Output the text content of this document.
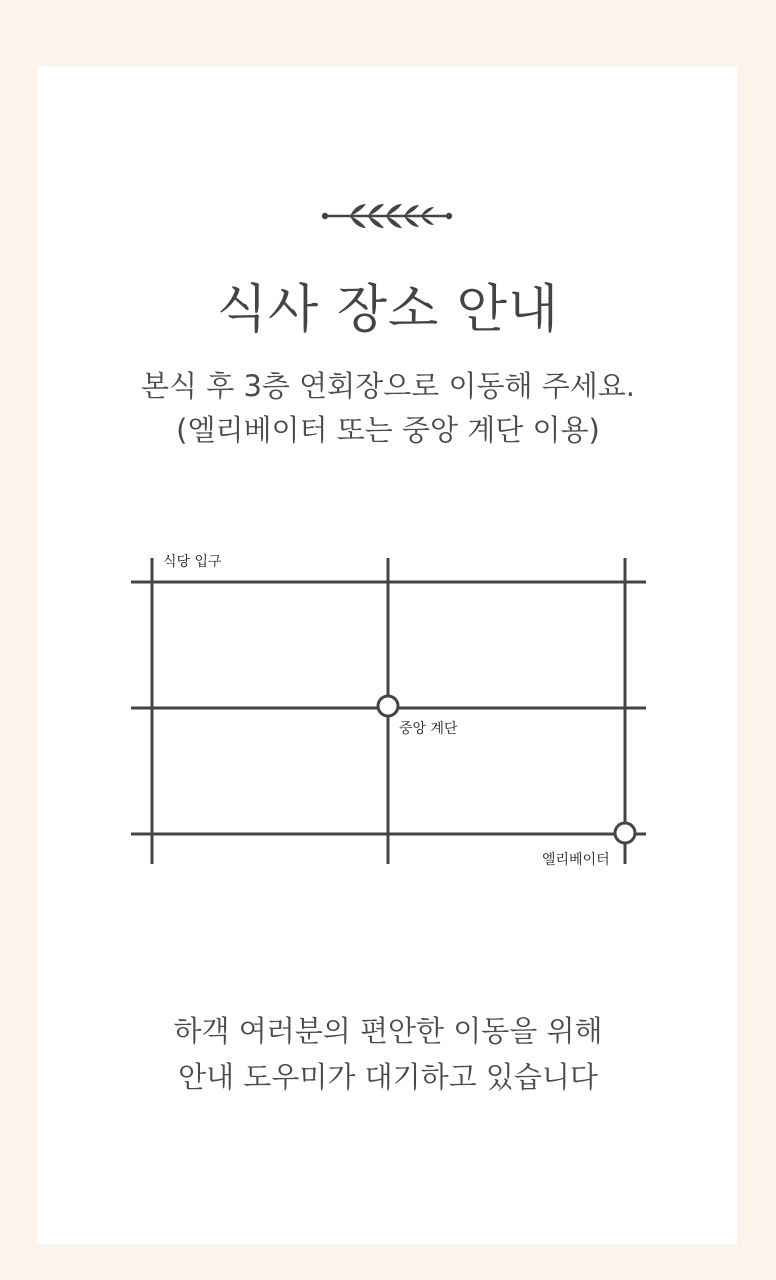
식사 장소 안내
본식 후 3층 연회장으로 이동해 주세요.
(엘리베이터 또는 중앙 계단 이용)
식당 입구
중앙 계단
엘리베이터
하객 여러분의 편안한 이동을 위해
안내 도우미가 대기하고 있습니다
